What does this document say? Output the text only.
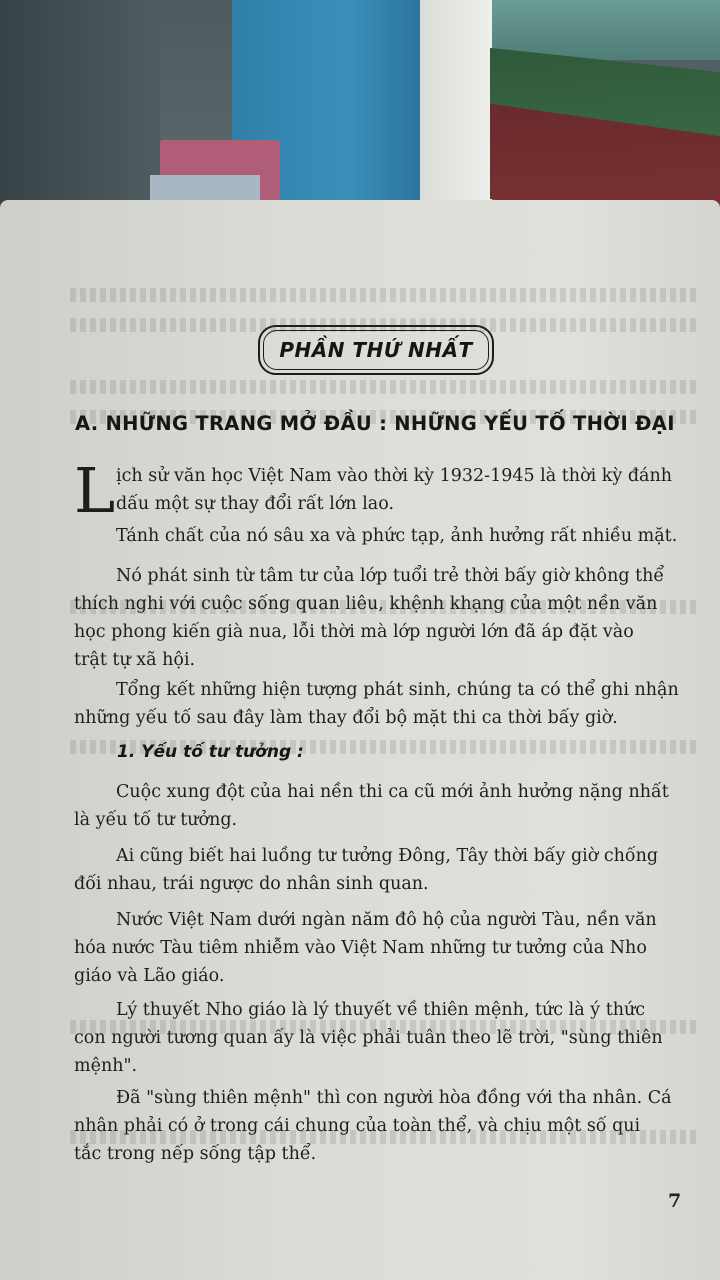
PHẦN THỨ NHẤT
A. NHỮNG TRANG MỞ ĐẦU : NHỮNG YẾU TỐ THỜI ĐẠI
L ịch sử văn học Việt Nam vào thời kỳ 1932-1945 là thời kỳ đánh
dấu một sự thay đổi rất lớn lao.
Tánh chất của nó sâu xa và phức tạp, ảnh hưởng rất nhiều mặt.
Nó phát sinh từ tâm tư của lớp tuổi trẻ thời bấy giờ không thể
thích nghi với cuộc sống quan liêu, khệnh khạng của một nền văn
học phong kiến già nua, lỗi thời mà lớp người lớn đã áp đặt vào
trật tự xã hội.
Tổng kết những hiện tượng phát sinh, chúng ta có thể ghi nhận
những yếu tố sau đây làm thay đổi bộ mặt thi ca thời bấy giờ.
1. Yếu tố tư tưởng :
Cuộc xung đột của hai nền thi ca cũ mới ảnh hưởng nặng nhất
là yếu tố tư tưởng.
Ai cũng biết hai luồng tư tưởng Đông, Tây thời bấy giờ chống
đối nhau, trái ngược do nhân sinh quan.
Nước Việt Nam dưới ngàn năm đô hộ của người Tàu, nền văn
hóa nước Tàu tiêm nhiễm vào Việt Nam những tư tưởng của Nho
giáo và Lão giáo.
Lý thuyết Nho giáo là lý thuyết về thiên mệnh, tức là ý thức
con người tương quan ấy là việc phải tuân theo lẽ trời, "sùng thiên
mệnh".
Đã "sùng thiên mệnh" thì con người hòa đồng với tha nhân. Cá
nhân phải có ở trong cái chung của toàn thể, và chịu một số qui
tắc trong nếp sống tập thể.
7
